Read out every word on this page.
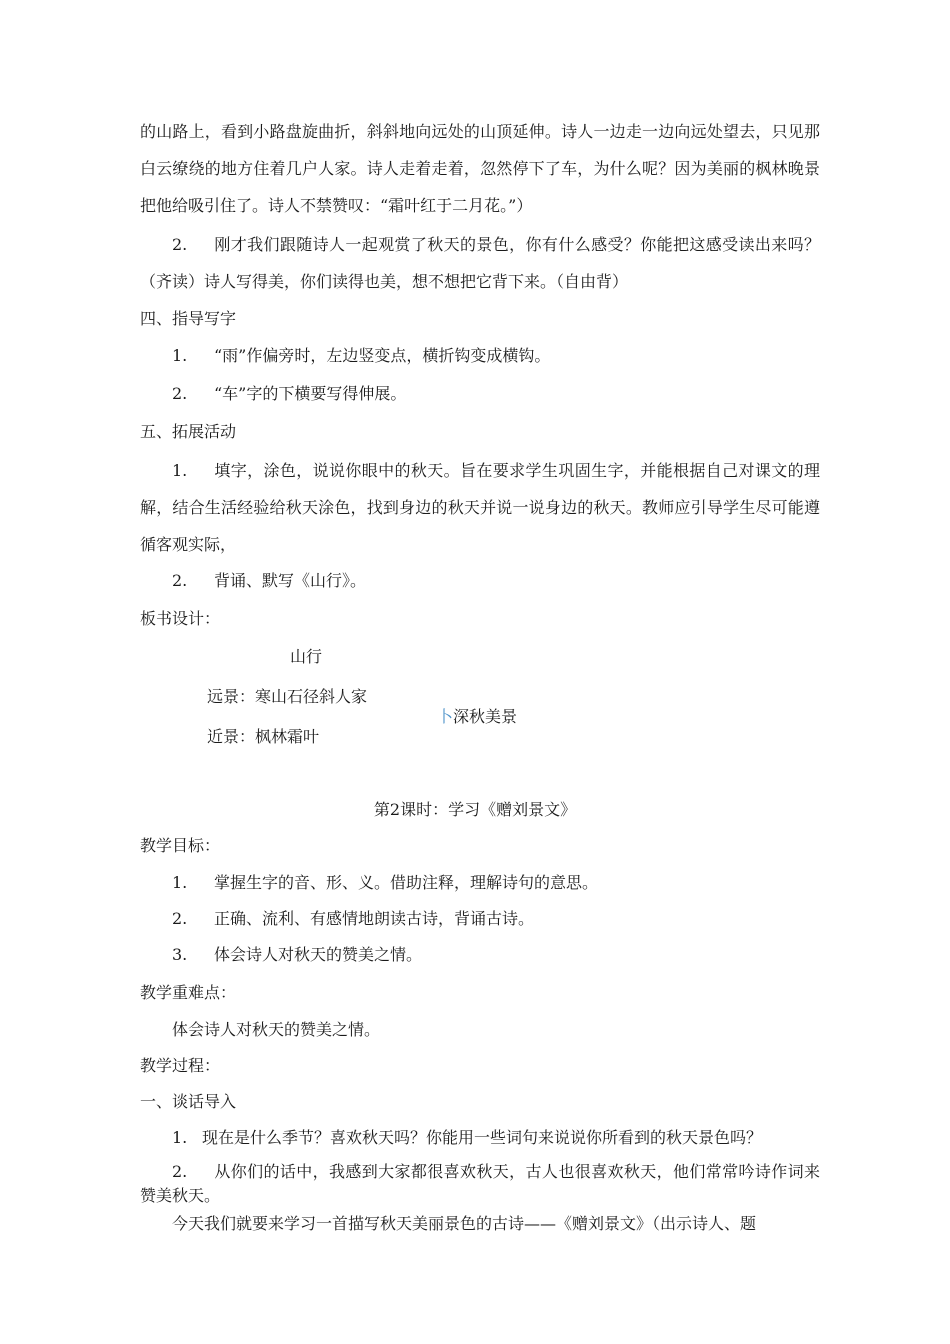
的山路上，看到小路盘旋曲折，斜斜地向远处的山顶延伸。诗人一边走一边向远处望去，只见那白云缭绕的地方住着几户人家。诗人走着走着，忽然停下了车，为什么呢？因为美丽的枫林晚景把他给吸引住了。诗人不禁赞叹：“霜叶红于二月花。”）

2. 刚才我们跟随诗人一起观赏了秋天的景色，你有什么感受？你能把这感受读出来吗？（齐读）诗人写得美，你们读得也美，想不想把它背下来。（自由背）

四、指导写字
1. “雨”作偏旁时，左边竖变点，横折钩变成横钩。
2. “车”字的下横要写得伸展。
五、拓展活动

1. 填字，涂色，说说你眼中的秋天。旨在要求学生巩固生字，并能根据自己对课文的理解，结合生活经验给秋天涂色，找到身边的秋天并说一说身边的秋天。教师应引导学生尽可能遵循客观实际，

2. 背诵、默写《山行》。
板书设计：
山行
远景：寒山石径斜人家
卜深秋美景
近景：枫林霜叶
第2课时：学习《赠刘景文》
教学目标：
1. 掌握生字的音、形、义。借助注释，理解诗句的意思。
2. 正确、流利、有感情地朗读古诗，背诵古诗。
3. 体会诗人对秋天的赞美之情。
教学重难点：
体会诗人对秋天的赞美之情。
教学过程：
一、谈话导入
1. 现在是什么季节？喜欢秋天吗？你能用一些词句来说说你所看到的秋天景色吗？

2. 从你们的话中，我感到大家都很喜欢秋天，古人也很喜欢秋天，他们常常吟诗作词来赞美秋天。

今天我们就要来学习一首描写秋天美丽景色的古诗——《赠刘景文》（出示诗人、题
